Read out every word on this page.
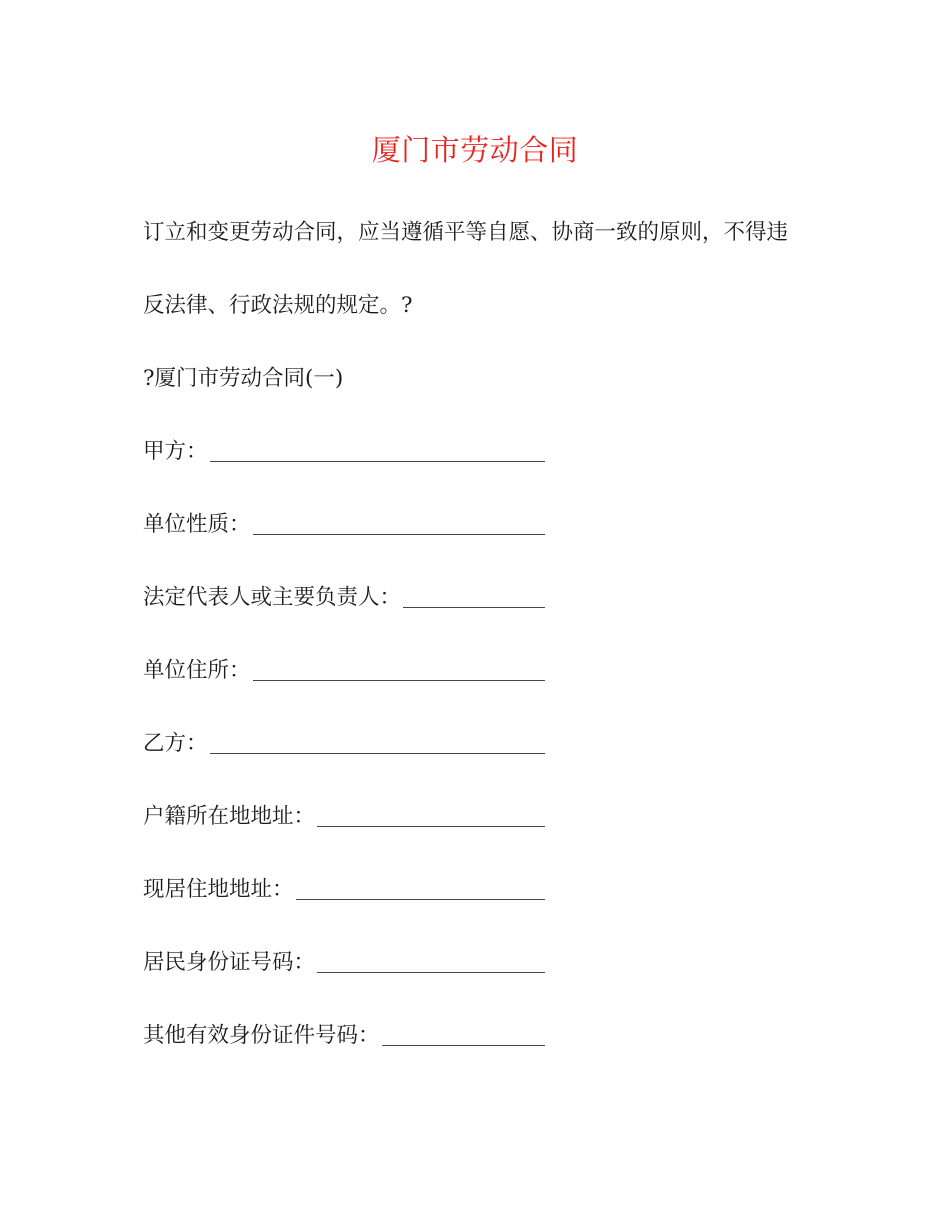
厦门市劳动合同
订立和变更劳动合同，应当遵循平等自愿、协商一致的原则，不得违
反法律、行政法规的规定。?
?厦门市劳动合同(一)
甲方：
单位性质：
法定代表人或主要负责人：
单位住所：
乙方：
户籍所在地地址：
现居住地地址：
居民身份证号码：
其他有效身份证件号码：
